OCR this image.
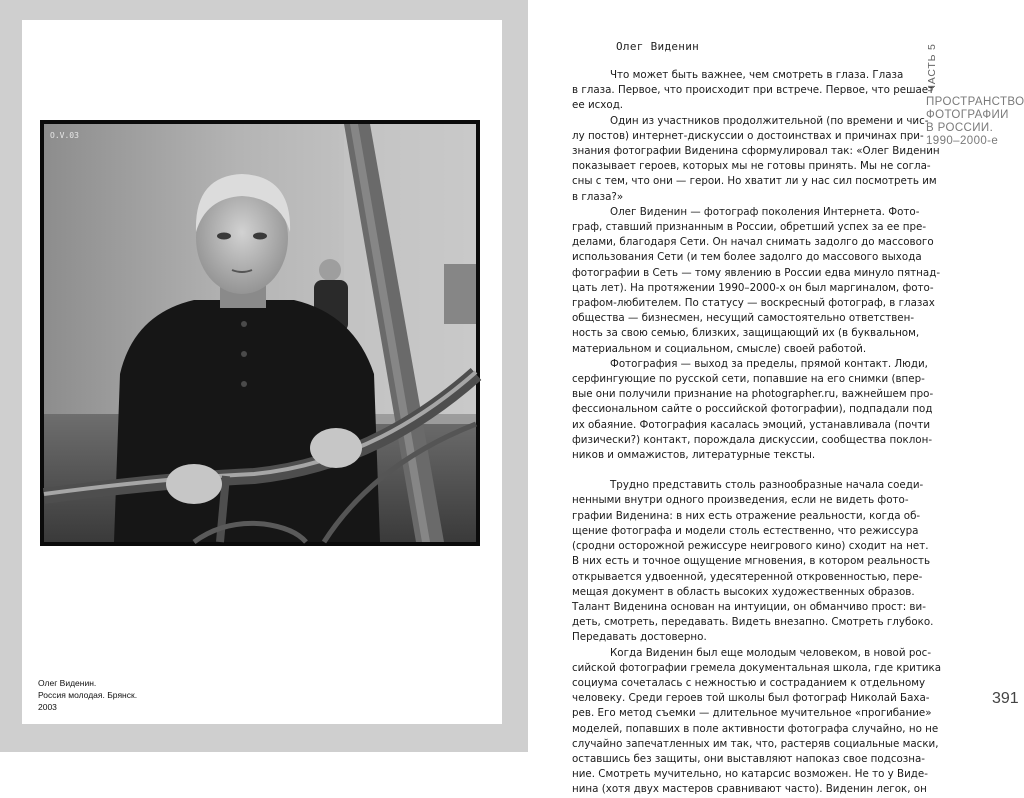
O.V.03
Олег Виденин.
Россия молодая. Брянск.
2003
Олег Виденин
Что может быть важнее, чем смотреть в глаза. Глаза
в глаза. Первое, что происходит при встрече. Первое, что решает
ее исход.
Один из участников продолжительной (по времени и чис-
лу постов) интернет-дискуссии о достоинствах и причинах при-
знания фотографии Виденина сформулировал так: «Олег Виденин
показывает героев, которых мы не готовы принять. Мы не согла-
сны с тем, что они — герои. Но хватит ли у нас сил посмотреть им
в глаза?»
Олег Виденин — фотограф поколения Интернета. Фото-
граф, ставший признанным в России, обретший успех за ее пре-
делами, благодаря Сети. Он начал снимать задолго до массового
использования Сети (и тем более задолго до массового выхода
фотографии в Сеть — тому явлению в России едва минуло пятнад-
цать лет). На протяжении 1990–2000-х он был маргиналом, фото-
графом-любителем. По статусу — воскресный фотограф, в глазах
общества — бизнесмен, несущий самостоятельно ответствен-
ность за свою семью, близких, защищающий их (в буквальном,
материальном и социальном, смысле) своей работой.
Фотография — выход за пределы, прямой контакт. Люди,
серфингующие по русской сети, попавшие на его снимки (впер-
вые они получили признание на photographer.ru, важнейшем про-
фессиональном сайте о российской фотографии), подпадали под
их обаяние. Фотография касалась эмоций, устанавливала (почти
физически?) контакт, порождала дискуссии, сообщества поклон-
ников и оммажистов, литературные тексты.
Трудно представить столь разнообразные начала соеди-
ненными внутри одного произведения, если не видеть фото-
графии Виденина: в них есть отражение реальности, когда об-
щение фотографа и модели столь естественно, что режиссура
(сродни осторожной режиссуре неигрового кино) сходит на нет.
В них есть и точное ощущение мгновения, в котором реальность
открывается удвоенной, удесятеренной откровенностью, пере-
мещая документ в область высоких художественных образов.
Талант Виденина основан на интуиции, он обманчиво прост: ви-
деть, смотреть, передавать. Видеть внезапно. Смотреть глубоко.
Передавать достоверно.
Когда Виденин был еще молодым человеком, в новой рос-
сийской фотографии гремела документальная школа, где критика
социума сочеталась с нежностью и состраданием к отдельному
человеку. Среди героев той школы был фотограф Николай Баха-
рев. Его метод съемки — длительное мучительное «прогибание»
моделей, попавших в поле активности фотографа случайно, но не
случайно запечатленных им так, что, растеряв социальные маски,
оставшись без защиты, они выставляют напоказ свое подсозна-
ние. Смотреть мучительно, но катарсис возможен. Не то у Виде-
нина (хотя двух мастеров сравнивают часто). Виденин легок, он
ЧАСТЬ 5
ПРОСТРАНСТВО
ФОТОГРАФИИ
В РОССИИ.
1990–2000-е
391
